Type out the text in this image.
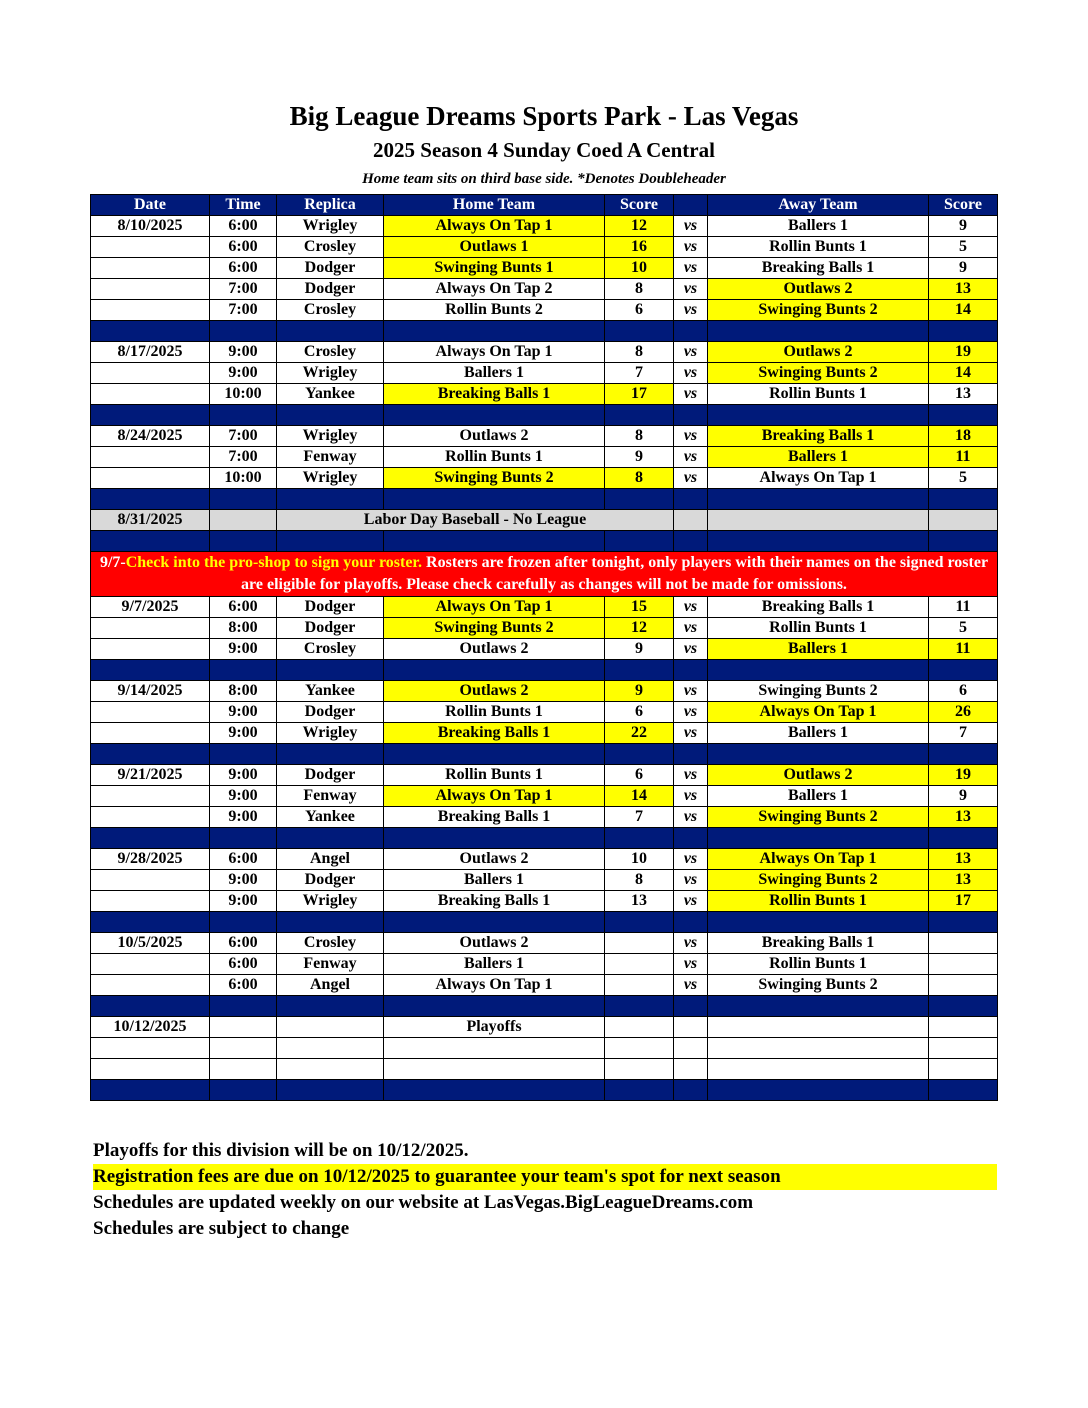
Big League Dreams Sports Park - Las Vegas
2025 Season 4 Sunday Coed A Central
Home team sits on third base side. *Denotes Doubleheader
Date	Time	Replica	Home Team	Score		Away Team	Score
8/10/2025	6:00	Wrigley	Always On Tap 1	12	vs	Ballers 1	9
	6:00	Crosley	Outlaws 1	16	vs	Rollin Bunts 1	5
	6:00	Dodger	Swinging Bunts 1	10	vs	Breaking Balls 1	9
	7:00	Dodger	Always On Tap 2	8	vs	Outlaws 2	13
	7:00	Crosley	Rollin Bunts 2	6	vs	Swinging Bunts 2	14

8/17/2025	9:00	Crosley	Always On Tap 1	8	vs	Outlaws 2	19
	9:00	Wrigley	Ballers 1	7	vs	Swinging Bunts 2	14
	10:00	Yankee	Breaking Balls 1	17	vs	Rollin Bunts 1	13

8/24/2025	7:00	Wrigley	Outlaws 2	8	vs	Breaking Balls 1	18
	7:00	Fenway	Rollin Bunts 1	9	vs	Ballers 1	11
	10:00	Wrigley	Swinging Bunts 2	8	vs	Always On Tap 1	5

8/31/2025		Labor Day Baseball - No League					

9/7-Check into the pro-shop to sign your roster. Rosters are frozen after tonight, only players with their names on the signed roster are eligible for playoffs. Please check carefully as changes will not be made for omissions.							
9/7/2025	6:00	Dodger	Always On Tap 1	15	vs	Breaking Balls 1	11
	8:00	Dodger	Swinging Bunts 2	12	vs	Rollin Bunts 1	5
	9:00	Crosley	Outlaws 2	9	vs	Ballers 1	11

9/14/2025	8:00	Yankee	Outlaws 2	9	vs	Swinging Bunts 2	6
	9:00	Dodger	Rollin Bunts 1	6	vs	Always On Tap 1	26
	9:00	Wrigley	Breaking Balls 1	22	vs	Ballers 1	7

9/21/2025	9:00	Dodger	Rollin Bunts 1	6	vs	Outlaws 2	19
	9:00	Fenway	Always On Tap 1	14	vs	Ballers 1	9
	9:00	Yankee	Breaking Balls 1	7	vs	Swinging Bunts 2	13

9/28/2025	6:00	Angel	Outlaws 2	10	vs	Always On Tap 1	13
	9:00	Dodger	Ballers 1	8	vs	Swinging Bunts 2	13
	9:00	Wrigley	Breaking Balls 1	13	vs	Rollin Bunts 1	17

10/5/2025	6:00	Crosley	Outlaws 2		vs	Breaking Balls 1	
	6:00	Fenway	Ballers 1		vs	Rollin Bunts 1	
	6:00	Angel	Always On Tap 1		vs	Swinging Bunts 2	

10/12/2025			Playoffs				

Playoffs for this division will be on 10/12/2025.
Registration fees are due on 10/12/2025 to guarantee your team's spot for next season
Schedules are updated weekly on our website at LasVegas.BigLeagueDreams.com
Schedules are subject to change
